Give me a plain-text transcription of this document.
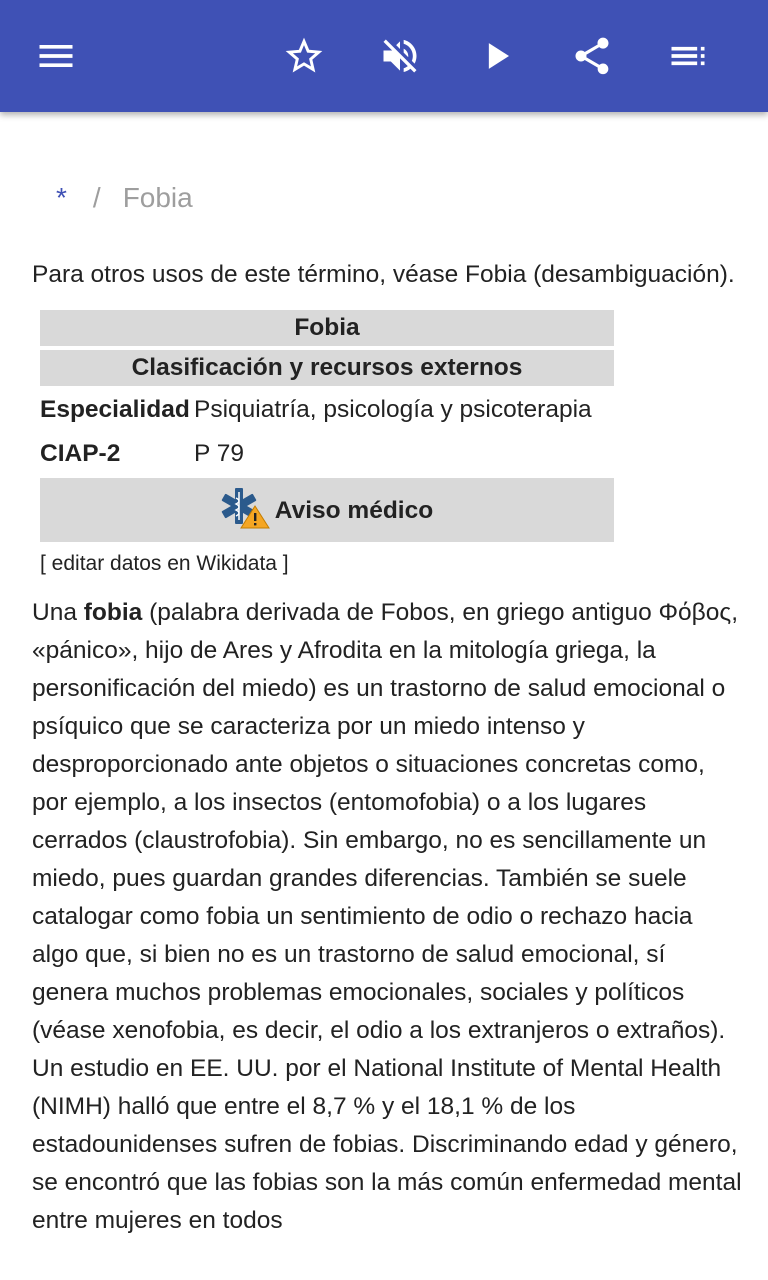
* / Fobia
Para otros usos de este término, véase Fobia (desambiguación).
Fobia	
Clasificación y recursos externos	
Especialidad	Psiquiatría, psicología y psicoterapia
CIAP-2	P 79

Aviso médico	
[ editar datos en Wikidata ]

Una fobia (palabra derivada de Fobos, en griego antiguo Φόβος, «pánico», hijo de Ares y Afrodita en la mitología griega, la personificación del miedo) es un trastorno de salud emocional o psíquico que se caracteriza por un miedo intenso y desproporcionado ante objetos o situaciones concretas como, por ejemplo, a los insectos (entomofobia) o a los lugares cerrados (claustrofobia). Sin embargo, no es sencillamente un miedo, pues guardan grandes diferencias. También se suele catalogar como fobia un sentimiento de odio o rechazo hacia algo que, si bien no es un trastorno de salud emocional, sí genera muchos problemas emocionales, sociales y políticos (véase xenofobia, es decir, el odio a los extranjeros o extraños). Un estudio en EE. UU. por el National Institute of Mental Health (NIMH) halló que entre el 8,7 % y el 18,1 % de los estadounidenses sufren de fobias. Discriminando edad y género, se encontró que las fobias son la más común enfermedad mental entre mujeres en todos
